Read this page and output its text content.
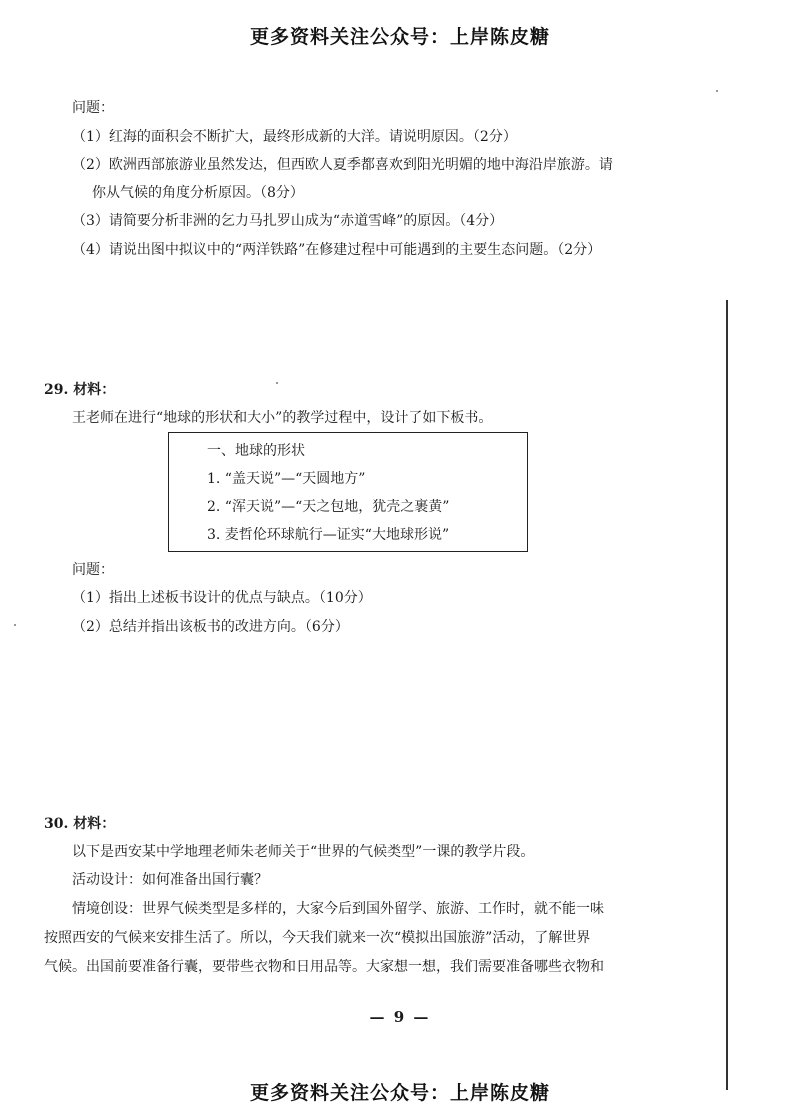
更多资料关注公众号：上岸陈皮糖
问题：
（1）红海的面积会不断扩大，最终形成新的大洋。请说明原因。（2分）
（2）欧洲西部旅游业虽然发达，但西欧人夏季都喜欢到阳光明媚的地中海沿岸旅游。请
你从气候的角度分析原因。（8分）
（3）请简要分析非洲的乞力马扎罗山成为“赤道雪峰”的原因。（4分）
（4）请说出图中拟议中的“两洋铁路”在修建过程中可能遇到的主要生态问题。（2分）
29. 材料：
王老师在进行“地球的形状和大小”的教学过程中，设计了如下板书。
一、地球的形状
1. “盖天说”—“天圆地方”
2. “浑天说”—“天之包地，犹壳之裹黄”
3. 麦哲伦环球航行—证实“大地球形说”
问题：
（1）指出上述板书设计的优点与缺点。（10分）
（2）总结并指出该板书的改进方向。（6分）
30. 材料：
以下是西安某中学地理老师朱老师关于“世界的气候类型”一课的教学片段。
活动设计：如何准备出国行囊？
情境创设：世界气候类型是多样的，大家今后到国外留学、旅游、工作时，就不能一味
按照西安的气候来安排生活了。所以，今天我们就来一次“模拟出国旅游”活动，了解世界
气候。出国前要准备行囊，要带些衣物和日用品等。大家想一想，我们需要准备哪些衣物和
— 9 —
更多资料关注公众号：上岸陈皮糖
